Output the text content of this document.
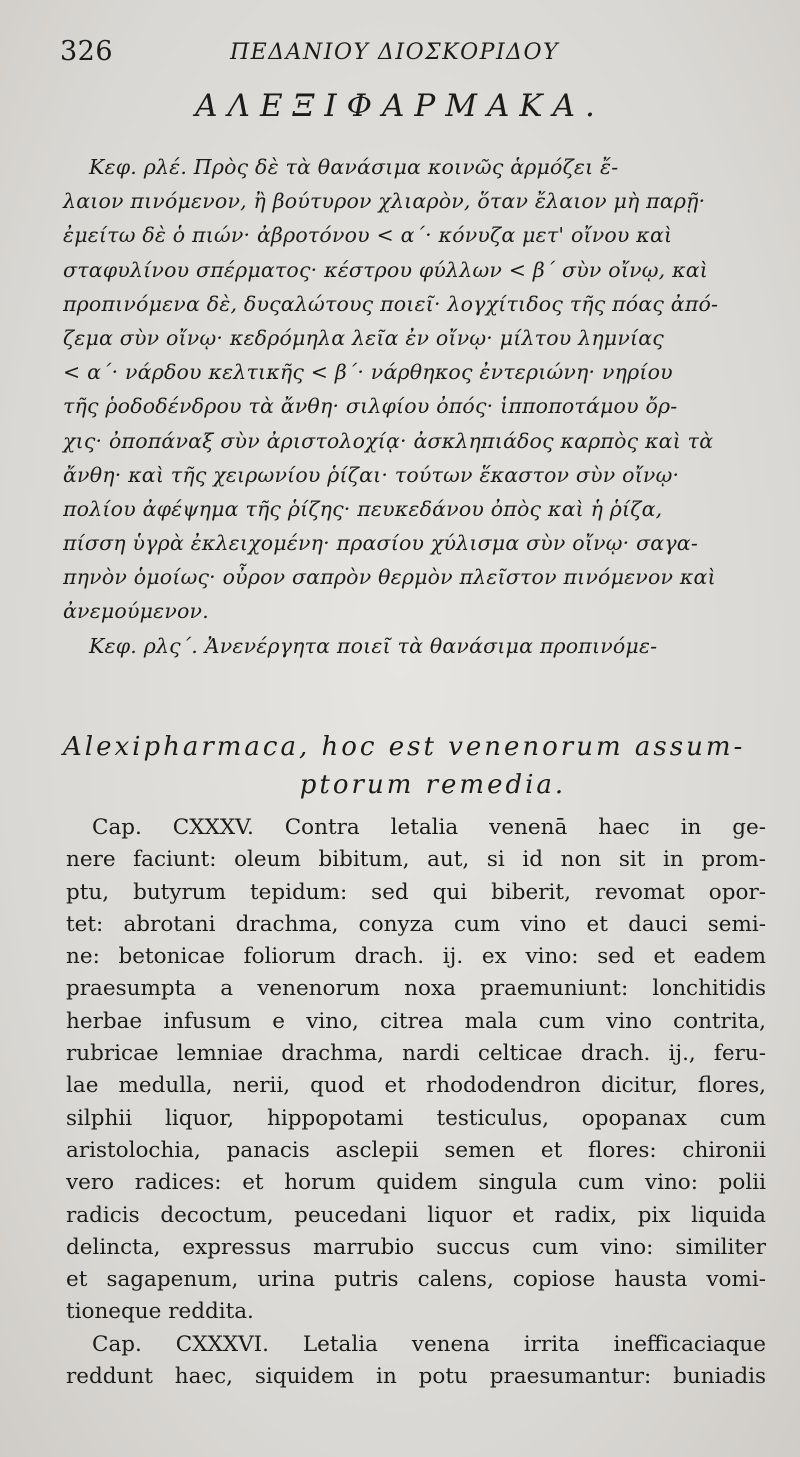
326	ΠΕΔΑΝΙΟΥ ΔΙΟΣΚΟΡΙΔΟΥ
ΑΛΕΞΙΦΑΡΜΑΚΑ.
Κεφ. ρλέ. Πρὸς δὲ τὰ θανάσιμα κοινῶς ἁρμόζει ἔ-
λαιον πινόμενον, ἢ βούτυρον χλιαρὸν, ὅταν ἔλαιον μὴ παρῇ·
ἐμείτω δὲ ὁ πιών· ἀβροτόνου < α΄· κόνυζα μετ' οἴνου καὶ
σταφυλίνου σπέρματος· κέστρου φύλλων < β΄ σὺν οἴνῳ, καὶ
προπινόμενα δὲ, δυςαλώτους ποιεῖ· λογχίτιδος τῆς πόας ἀπό-
ζεμα σὺν οἴνῳ· κεδρόμηλα λεῖα ἐν οἴνῳ· μίλτου λημνίας
< α΄· νάρδου κελτικῆς < β΄· νάρθηκος ἐντεριώνη· νηρίου
τῆς ῥοδοδένδρου τὰ ἄνθη· σιλφίου ὀπός· ἱπποποτάμου ὄρ-
χις· ὀποπάναξ σὺν ἀριστολοχίᾳ· ἀσκληπιάδος καρπὸς καὶ τὰ
ἄνθη· καὶ τῆς χειρωνίου ῥίζαι· τούτων ἕκαστον σὺν οἴνῳ·
πολίου ἀφέψημα τῆς ῥίζης· πευκεδάνου ὀπὸς καὶ ἡ ῥίζα,
πίσση ὑγρὰ ἐκλειχομένη· πρασίου χύλισμα σὺν οἴνῳ· σαγα-
πηνὸν ὁμοίως· οὖρον σαπρὸν θερμὸν πλεῖστον πινόμενον καὶ
ἀνεμούμενον.
Κεφ. ρλς΄. Ἀνενέργητα ποιεῖ τὰ θανάσιμα προπινόμε-
Alexipharmaca, hoc est venenorum assum-
ptorum remedia.
Cap. CXXXV. Contra letalia venenā haec in ge-
nere faciunt: oleum bibitum, aut, si id non sit in prom-
ptu, butyrum tepidum: sed qui biberit, revomat opor-
tet: abrotani drachma, conyza cum vino et dauci semi-
ne: betonicae foliorum drach. ij. ex vino: sed et eadem
praesumpta a venenorum noxa praemuniunt: lonchitidis
herbae infusum e vino, citrea mala cum vino contrita,
rubricae lemniae drachma, nardi celticae drach. ij., feru-
lae medulla, nerii, quod et rhododendron dicitur, flores,
silphii liquor, hippopotami testiculus, opopanax cum
aristolochia, panacis asclepii semen et flores: chironii
vero radices: et horum quidem singula cum vino: polii
radicis decoctum, peucedani liquor et radix, pix liquida
delincta, expressus marrubio succus cum vino: similiter
et sagapenum, urina putris calens, copiose hausta vomi-
tioneque reddita.
Cap. CXXXVI. Letalia venena irrita inefficaciaque
reddunt haec, siquidem in potu praesumantur: buniadis
